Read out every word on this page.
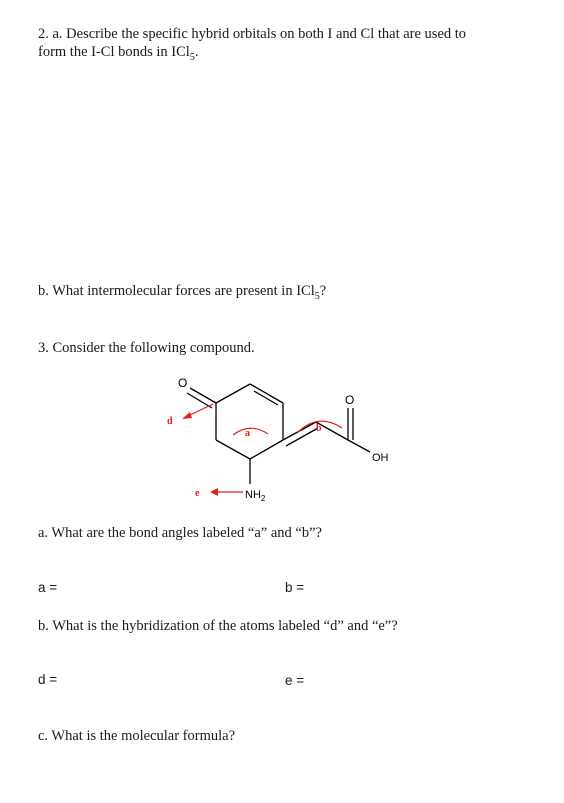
2. a. Describe the specific hybrid orbitals on both I and Cl that are used to
form the I-Cl bonds in ICl$_5$.
b. What intermolecular forces are present in ICl$_5$?
3. Consider the following compound.
O
O
OH
$NH_2$
a	b
d
e
a. What are the bond angles labeled “a” and “b”?
a =	b =
b. What is the hybridization of the atoms labeled “d” and “e”?
d =	e =
c. What is the molecular formula?
